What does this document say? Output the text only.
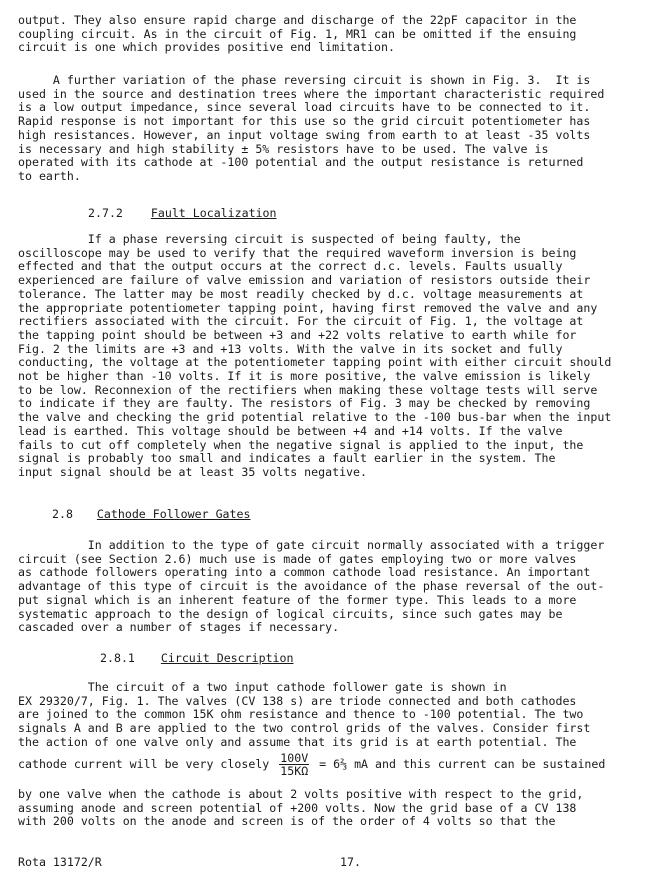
output. They also ensure rapid charge and discharge of the 22pF capacitor in the
coupling circuit. As in the circuit of Fig. 1, MR1 can be omitted if the ensuing
circuit is one which provides positive end limitation.
A further variation of the phase reversing circuit is shown in Fig. 3.  It is
used in the source and destination trees where the important characteristic required
is a low output impedance, since several load circuits have to be connected to it.
Rapid response is not important for this use so the grid circuit potentiometer has
high resistances. However, an input voltage swing from earth to at least -35 volts
is necessary and high stability ± 5% resistors have to be used. The valve is
operated with its cathode at -100 potential and the output resistance is returned
to earth.
2.7.2 Fault Localization
If a phase reversing circuit is suspected of being faulty, the
oscilloscope may be used to verify that the required waveform inversion is being
effected and that the output occurs at the correct d.c. levels. Faults usually
experienced are failure of valve emission and variation of resistors outside their
tolerance. The latter may be most readily checked by d.c. voltage measurements at
the appropriate potentiometer tapping point, having first removed the valve and any
rectifiers associated with the circuit. For the circuit of Fig. 1, the voltage at
the tapping point should be between +3 and +22 volts relative to earth while for
Fig. 2 the limits are +3 and +13 volts. With the valve in its socket and fully
conducting, the voltage at the potentiometer tapping point with either circuit should
not be higher than -10 volts. If it is more positive, the valve emission is likely
to be low. Reconnexion of the rectifiers when making these voltage tests will serve
to indicate if they are faulty. The resistors of Fig. 3 may be checked by removing
the valve and checking the grid potential relative to the -100 bus-bar when the input
lead is earthed. This voltage should be between +4 and +14 volts. If the valve
fails to cut off completely when the negative signal is applied to the input, the
signal is probably too small and indicates a fault earlier in the system. The
input signal should be at least 35 volts negative.
2.8 Cathode Follower Gates
In addition to the type of gate circuit normally associated with a trigger
circuit (see Section 2.6) much use is made of gates employing two or more valves
as cathode followers operating into a common cathode load resistance. An important
advantage of this type of circuit is the avoidance of the phase reversal of the out-
put signal which is an inherent feature of the former type. This leads to a more
systematic approach to the design of logical circuits, since such gates may be
cascaded over a number of stages if necessary.
2.8.1 Circuit Description
The circuit of a two input cathode follower gate is shown in
EX 29320/7, Fig. 1. The valves (CV 138 s) are triode connected and both cathodes
are joined to the common 15K ohm resistance and thence to -100 potential. The two
signals A and B are applied to the two control grids of the valves. Consider first
the action of one valve only and assume that its grid is at earth potential. The
cathode current will be very closely $\frac{100V}{15K\Omega}$ = 6⅔ mA and this current can be sustained
by one valve when the cathode is about 2 volts positive with respect to the grid,
assuming anode and screen potential of +200 volts. Now the grid base of a CV 138
with 200 volts on the anode and screen is of the order of 4 volts so that the
Rota 13172/R	17.
